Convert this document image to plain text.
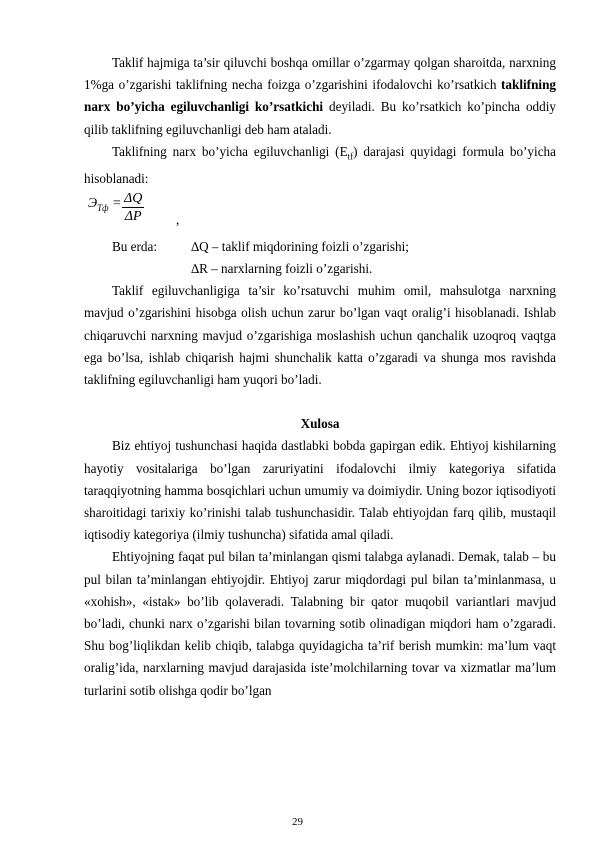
Taklif hajmiga ta’sir qiluvchi boshqa omillar o’zgarmay qolgan sharoitda, narxning 1%ga o’zgarishi taklifning necha foizga o’zgarishini ifodalovchi ko’rsatkich taklifning narx bo’yicha egiluvchanligi ko’rsatkichi deyiladi. Bu ko’rsatkich ko’pincha oddiy qilib taklifning egiluvchanligi deb ham ataladi.

Taklifning narx bo’yicha egiluvchanligi $(E_{tf})$ darajasi quyidagi formula bo’yicha hisoblanadi:

$Э_{Тф} = \frac{\Delta Q}{\Delta P}$ ,
Bu erda:	∆Q – taklif miqdorining foizli o’zgarishi;
∆R – narxlarning foizli o’zgarishi.

Taklif egiluvchanligiga ta’sir ko’rsatuvchi muhim omil, mahsulotga narxning mavjud o’zgarishini hisobga olish uchun zarur bo’lgan vaqt oralig’i hisoblanadi. Ishlab chiqaruvchi narxning mavjud o’zgarishiga moslashish uchun qanchalik uzoqroq vaqtga ega bo’lsa, ishlab chiqarish hajmi shunchalik katta o’zgaradi va shunga mos ravishda taklifning egiluvchanligi ham yuqori bo’ladi.

Xulosa

Biz ehtiyoj tushunchasi haqida dastlabki bobda gapirgan edik. Ehtiyoj kishilarning hayotiy vositalariga bo’lgan zaruriyatini ifodalovchi ilmiy kategoriya sifatida taraqqiyotning hamma bosqichlari uchun umumiy va doimiydir. Uning bozor iqtisodiyoti sharoitidagi tarixiy ko’rinishi talab tushunchasidir. Talab ehtiyojdan farq qilib, mustaqil iqtisodiy kategoriya (ilmiy tushuncha) sifatida amal qiladi.

Ehtiyojning faqat pul bilan ta’minlangan qismi talabga aylanadi. Demak, talab – bu pul bilan ta’minlangan ehtiyojdir. Ehtiyoj zarur miqdordagi pul bilan ta’minlanmasa, u «xohish», «istak» bo’lib qolaveradi. Talabning bir qator muqobil variantlari mavjud bo’ladi, chunki narx o’zgarishi bilan tovarning sotib olinadigan miqdori ham o’zgaradi. Shu bog’liqlikdan kelib chiqib, talabga quyidagicha ta’rif berish mumkin: ma’lum vaqt oralig’ida, narxlarning mavjud darajasida iste’molchilarning tovar va xizmatlar ma’lum turlarini sotib olishga qodir bo’lgan

29
